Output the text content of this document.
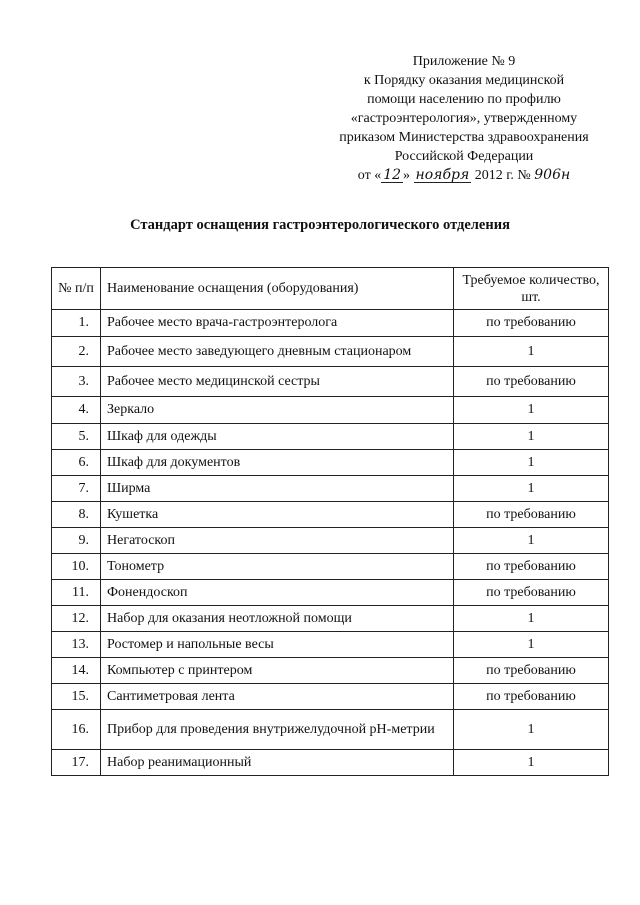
Приложение № 9
к Порядку оказания медицинской
помощи населению по профилю
«гастроэнтерология», утвержденному
приказом Министерства здравоохранения
Российской Федерации
от « 12 » ноября 2012 г. № 906н
Стандарт оснащения гастроэнтерологического отделения
№ п/п	Наименование оснащения (оборудования)	Требуемое количество, шт.
1.	Рабочее место врача-гастроэнтеролога	по требованию
2.	Рабочее место заведующего дневным стационаром	1
3.	Рабочее место медицинской сестры	по требованию
4.	Зеркало	1
5.	Шкаф для одежды	1
6.	Шкаф для документов	1
7.	Ширма	1
8.	Кушетка	по требованию
9.	Негатоскоп	1
10.	Тонометр	по требованию
11.	Фонендоскоп	по требованию
12.	Набор для оказания неотложной помощи	1
13.	Ростомер и напольные весы	1
14.	Компьютер с принтером	по требованию
15.	Сантиметровая лента	по требованию
16.	Прибор для проведения внутрижелудочной рН-метрии	1
17.	Набор реанимационный	1
